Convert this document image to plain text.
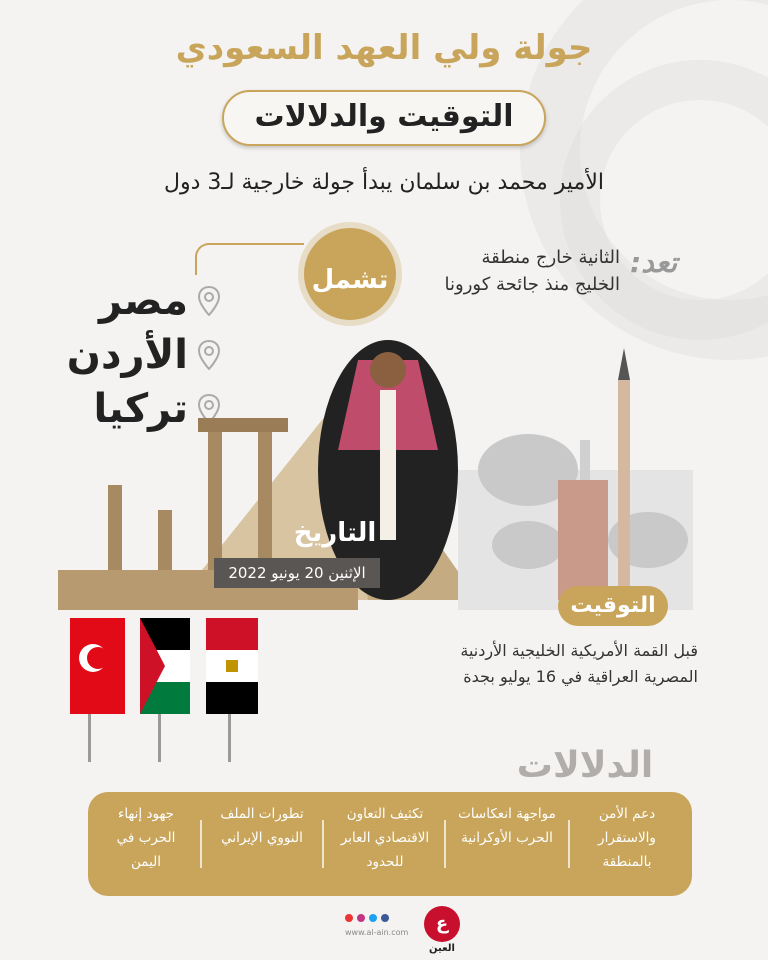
جولة ولي العهد السعودي
التوقيت والدلالات
الأمير محمد بن سلمان يبدأ جولة خارجية لـ3 دول
تشمل
مصر
الأردن
تركيا
تعد:
الثانية خارج منطقة الخليج منذ جائحة كورونا
التاريخ
الإثنين 20 يونيو 2022
التوقيت
قبل القمة الأمريكية الخليجية الأردنية المصرية العراقية في 16 يوليو بجدة
الدلالات
دعم الأمن والاستقرار بالمنطقة
مواجهة انعكاسات الحرب الأوكرانية
تكثيف التعاون الاقتصادي العابر للحدود
تطورات الملف النووي الإيراني
جهود إنهاء الحرب في اليمن
www.al-ain.com	ع
العين
